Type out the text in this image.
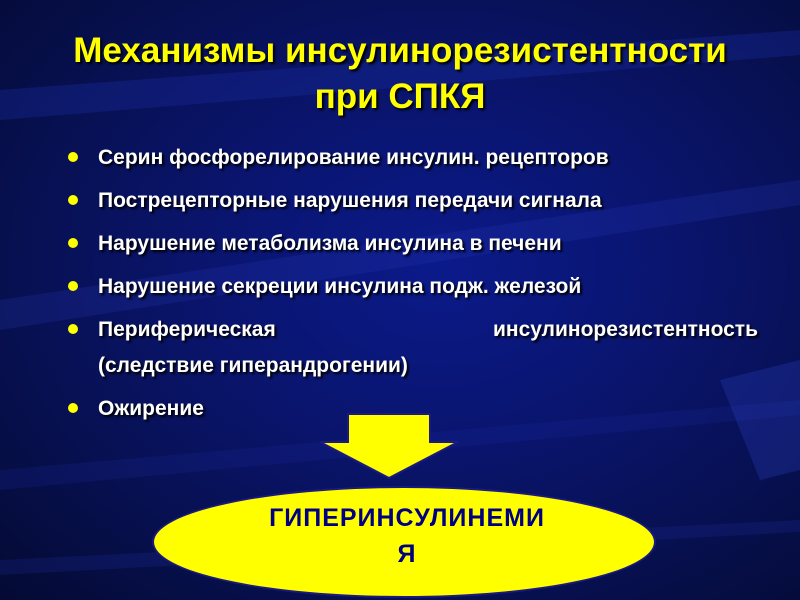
Механизмы инсулинорезистентности
при СПКЯ
Серин фосфорелирование инсулин. рецепторов
Пострецепторные нарушения передачи сигнала
Нарушение метаболизма инсулина в печени
Нарушение секреции инсулина подж. железой
Периферическая	инсулинорезистентность
(следствие гиперандрогении)
Ожирение
ГИПЕРИНСУЛИНЕМИ
Я
